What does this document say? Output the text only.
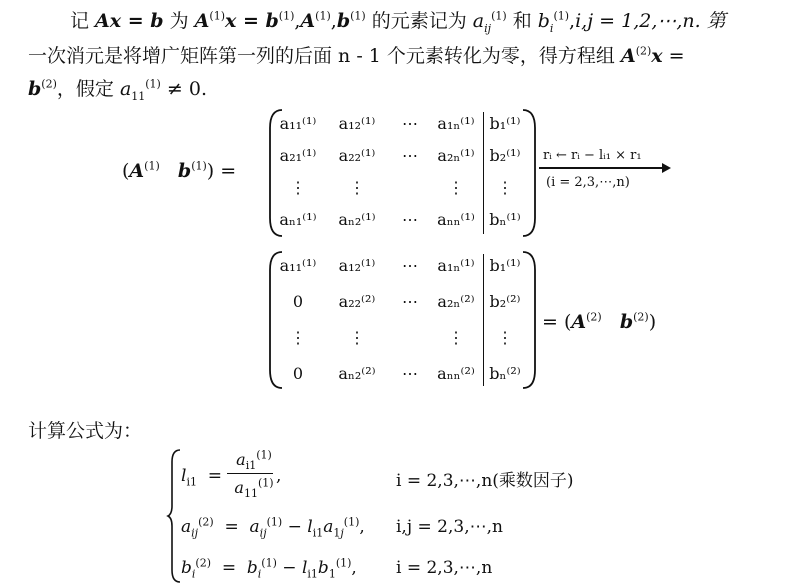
记 Ax = b 为 $A^{(1)}x = b^{(1)},A^{(1)},b^{(1)}$ 的元素记为 $a_{ij}^{(1)}$ 和 $b_i^{(1)},i,j$ = 1,2,⋯,n. 第
一次消元是将增广矩阵第一列的后面 n - 1 个元素转化为零，得方程组 $A^{(2)}x$ =
$b^{(2)}$，假定 $a_{11}^{(1)} \ne 0$.
($A^{(1)}$ $b^{(1)}$) =
a₁₁⁽¹⁾ a₁₂⁽¹⁾ ⋯ a₁ₙ⁽¹⁾ b₁⁽¹⁾
a₂₁⁽¹⁾ a₂₂⁽¹⁾ ⋯ a₂ₙ⁽¹⁾ b₂⁽¹⁾
⋮	⋮	⋮ ⋮
aₙ₁⁽¹⁾ aₙ₂⁽¹⁾ ⋯ aₙₙ⁽¹⁾ bₙ⁽¹⁾
rᵢ ← rᵢ − lᵢ₁ × r₁
(i = 2,3,⋯,n)
a₁₁⁽¹⁾ a₁₂⁽¹⁾ ⋯ a₁ₙ⁽¹⁾ b₁⁽¹⁾
0 a₂₂⁽²⁾ ⋯ a₂ₙ⁽²⁾ b₂⁽²⁾
⋮	⋮	⋮ ⋮
0 aₙ₂⁽²⁾ ⋯ aₙₙ⁽²⁾ bₙ⁽²⁾
= ($A^{(2)}$ $b^{(2)}$)
计算公式为：
$l_{i1}$  =
$a_{i1}^{(1)}$
$a_{11}^{(1)}$ ,	i = 2,3,⋯,n(乘数因子)
$a_{ij}^{(2)} = a_{ij}^{(1)} - l_{i1}a_{1j}^{(1)}$, i,j = 2,3,⋯,n
$b_i^{(2)} = b_i^{(1)} - l_{i1}b_1^{(1)}$, i = 2,3,⋯,n
